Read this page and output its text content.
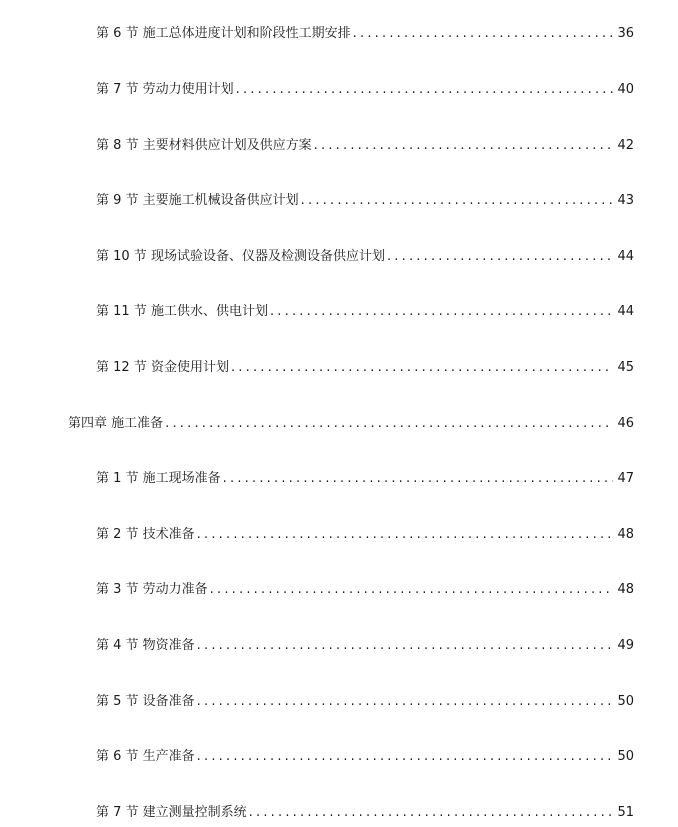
第 6 节 施工总体进度计划和阶段性工期安排 .....	36
第 7 节 劳动力使用计划 .....	40
第 8 节 主要材料供应计划及供应方案 .....	42
第 9 节 主要施工机械设备供应计划 .....	43
第 10 节 现场试验设备、仪器及检测设备供应计划 .....	44
第 11 节 施工供水、供电计划 .....	44
第 12 节 资金使用计划 .....	45
第四章 施工准备 .....	46
第 1 节 施工现场准备 .....	47
第 2 节 技术准备 .....	48
第 3 节 劳动力准备 .....	48
第 4 节 物资准备 .....	49
第 5 节 设备准备 .....	50
第 6 节 生产准备 .....	50
第 7 节 建立测量控制系统 .....	51
